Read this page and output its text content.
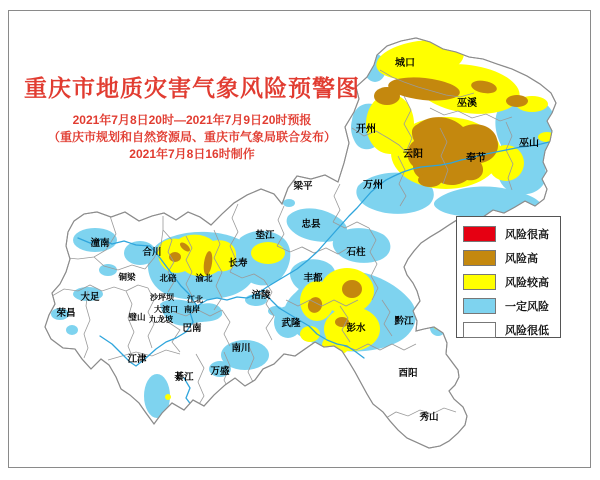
城口
巫溪
开州
云阳	奉节
巫山
万州
梁平
垫江
忠县
石柱
丰都
武隆	彭水
黔江
酉阳
秀山
潼南
合川
铜梁	北碚 渝北
长寿
大足
荣昌	璧山
沙坪坝
大渡口
九龙坡
南岸
江北
巴南
涪陵
南川
江津
綦江
万盛
重庆市地质灾害气象风险预警图
2021年7月8日20时—2021年7月9日20时预报
（重庆市规划和自然资源局、重庆市气象局联合发布）
2021年7月8日16时制作
风险很高
风险高
风险较高
一定风险
风险很低
